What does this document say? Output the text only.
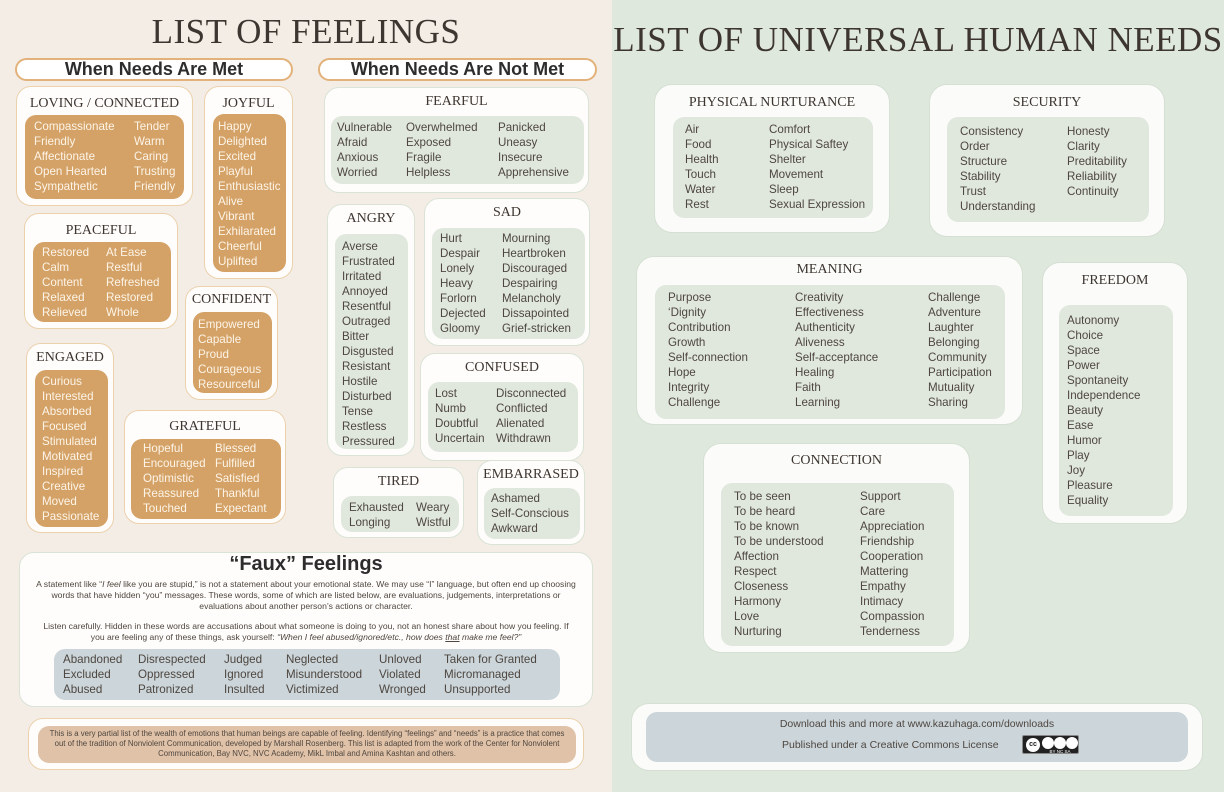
LIST OF FEELINGS
When Needs Are Met	When Needs Are Not Met
LOVING / CONNECTED
Compassionate
Friendly
Affectionate
Open Hearted
Sympathetic
Tender
Warm
Caring
Trusting
Friendly
JOYFUL
Happy
Delighted
Excited
Playful
Enthusiastic
Alive
Vibrant
Exhilarated
Cheerful
Uplifted
PEACEFUL
Restored
Calm
Content
Relaxed
Relieved
At Ease
Restful
Refreshed
Restored
Whole
CONFIDENT
Empowered
Capable
Proud
Courageous
Resourceful
ENGAGED
Curious
Interested
Absorbed
Focused
Stimulated
Motivated
Inspired
Creative
Moved
Passionate
GRATEFUL
Hopeful
Encouraged
Optimistic
Reassured
Touched
Blessed
Fulfilled
Satisfied
Thankful
Expectant
FEARFUL
Vulnerable
Afraid
Anxious
Worried
Overwhelmed
Exposed
Fragile
Helpless
Panicked
Uneasy
Insecure
Apprehensive
ANGRY
Averse
Frustrated
Irritated
Annoyed
Resentful
Outraged
Bitter
Disgusted
Resistant
Hostile
Disturbed
Tense
Restless
Pressured
SAD
Hurt
Despair
Lonely
Heavy
Forlorn
Dejected
Gloomy
Mourning
Heartbroken
Discouraged
Despairing
Melancholy
Dissapointed
Grief-stricken
CONFUSED
Lost
Numb
Doubtful
Uncertain
Disconnected
Conflicted
Alienated
Withdrawn
TIRED
Exhausted
Longing
Weary
Wistful
EMBARRASED
Ashamed
Self-Conscious
Awkward
“Faux” Feelings
A statement like “I feel like you are stupid,” is not a statement about your emotional state. We may use “I” language, but often end up choosing words that have hidden “you” messages. These words, some of which are listed below, are evaluations, judgements, interpretations or evaluations about another person’s actions or character.
Listen carefully. Hidden in these words are accusations about what someone is doing to you, not an honest share about how you feeling. If you are feeling any of these things, ask yourself: “When I feel abused/ignored/etc., how does that make me feel?”
Abandoned
Excluded
Abused
Disrespected
Oppressed
Patronized
Judged
Ignored
Insulted
Neglected
Misunderstood
Victimized
Unloved
Violated
Wronged
Taken for Granted
Micromanaged
Unsupported
This is a very partial list of the wealth of emotions that human beings are capable of feeling. Identifying “feelings” and “needs” is a practice that comes out of the tradition of Nonviolent Communication, developed by Marshall Rosenberg. This list is adapted from the work of the Center for Nonviolent Communication, Bay NVC, NVC Academy, MikL Imbal and Amina Kashtan and others.
LIST OF UNIVERSAL HUMAN NEEDS
PHYSICAL NURTURANCE
Air
Food
Health
Touch
Water
Rest
Comfort
Physical Saftey
Shelter
Movement
Sleep
Sexual Expression
SECURITY
Consistency
Order
Structure
Stability
Trust
Understanding
Honesty
Clarity
Preditability
Reliability
Continuity
MEANING
Purpose
‘Dignity
Contribution
Growth
Self-connection
Hope
Integrity
Challenge
Creativity
Effectiveness
Authenticity
Aliveness
Self-acceptance
Healing
Faith
Learning
Challenge
Adventure
Laughter
Belonging
Community
Participation
Mutuality
Sharing
FREEDOM
Autonomy
Choice
Space
Power
Spontaneity
Independence
Beauty
Ease
Humor
Play
Joy
Pleasure
Equality
CONNECTION
To be seen
To be heard
To be known
To be understood
Affection
Respect
Closeness
Harmony
Love
Nurturing
Support
Care
Appreciation
Friendship
Cooperation
Mattering
Empathy
Intimacy
Compassion
Tenderness
Download this and more at www.kazuhaga.com/downloads
Published under a Creative Commons License	cc
BY NC SA
